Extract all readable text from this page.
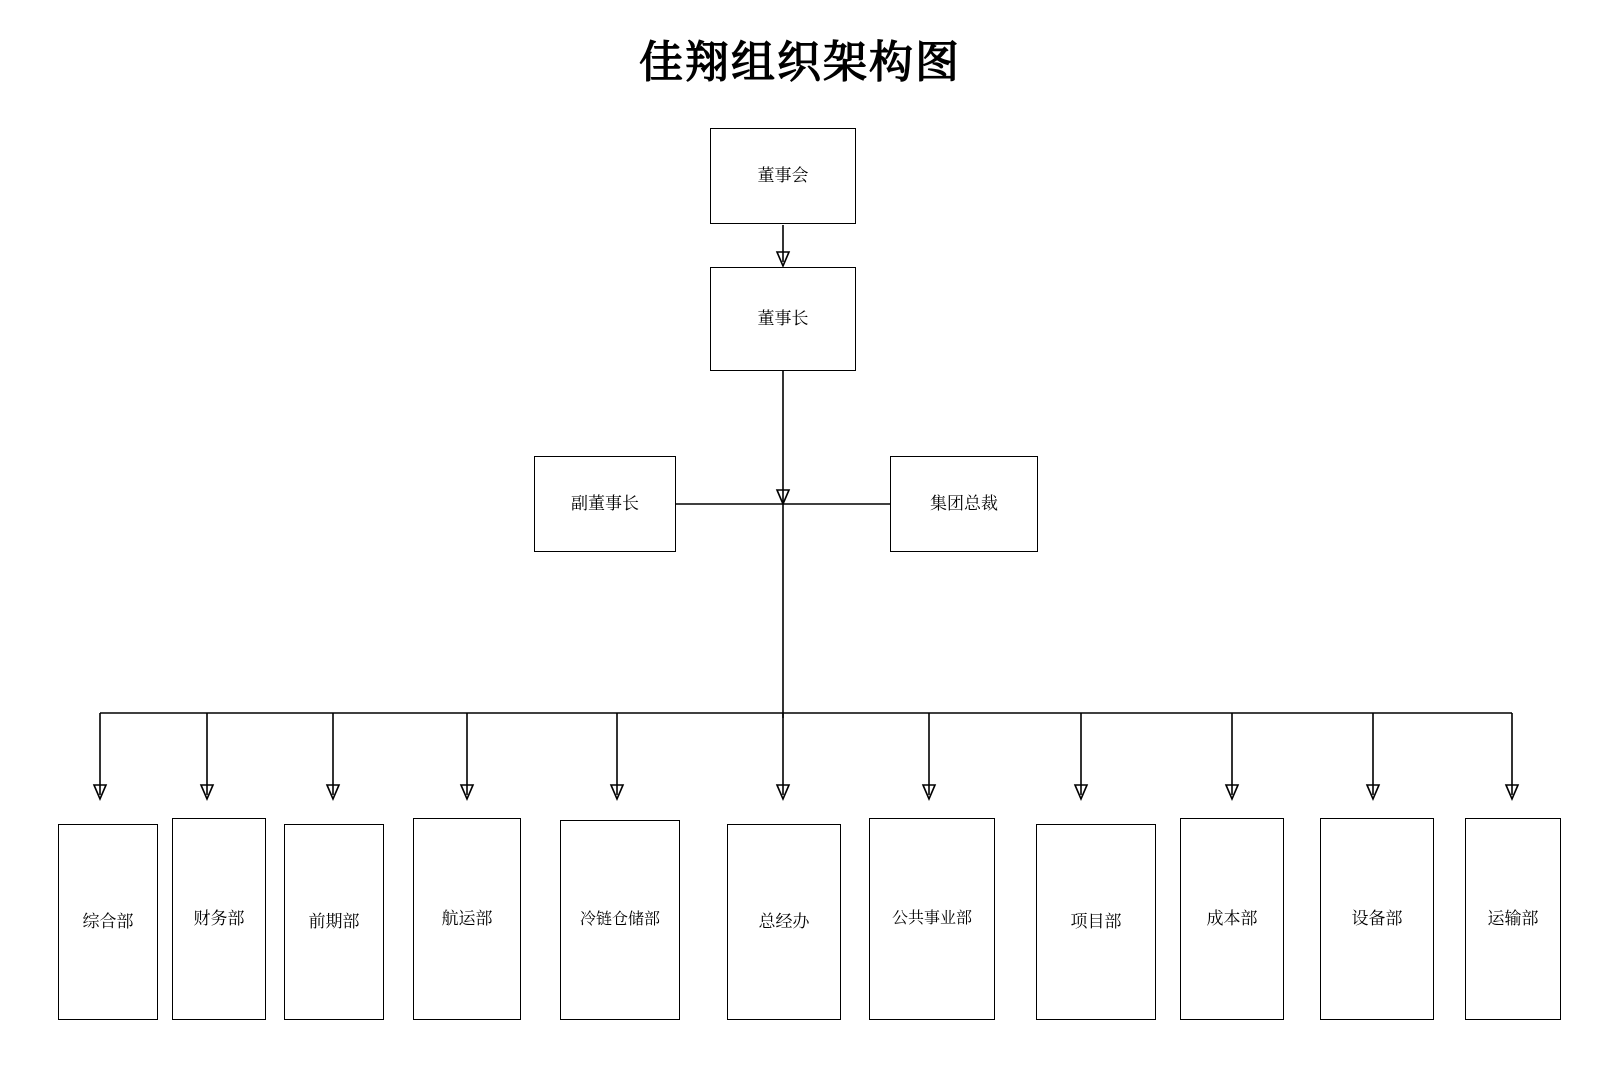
佳翔组织架构图
董事会
董事长
副董事长	集团总裁
综合部	财务部	前期部	航运部	冷链仓储部	总经办	公共事业部	项目部	成本部	设备部	运输部
